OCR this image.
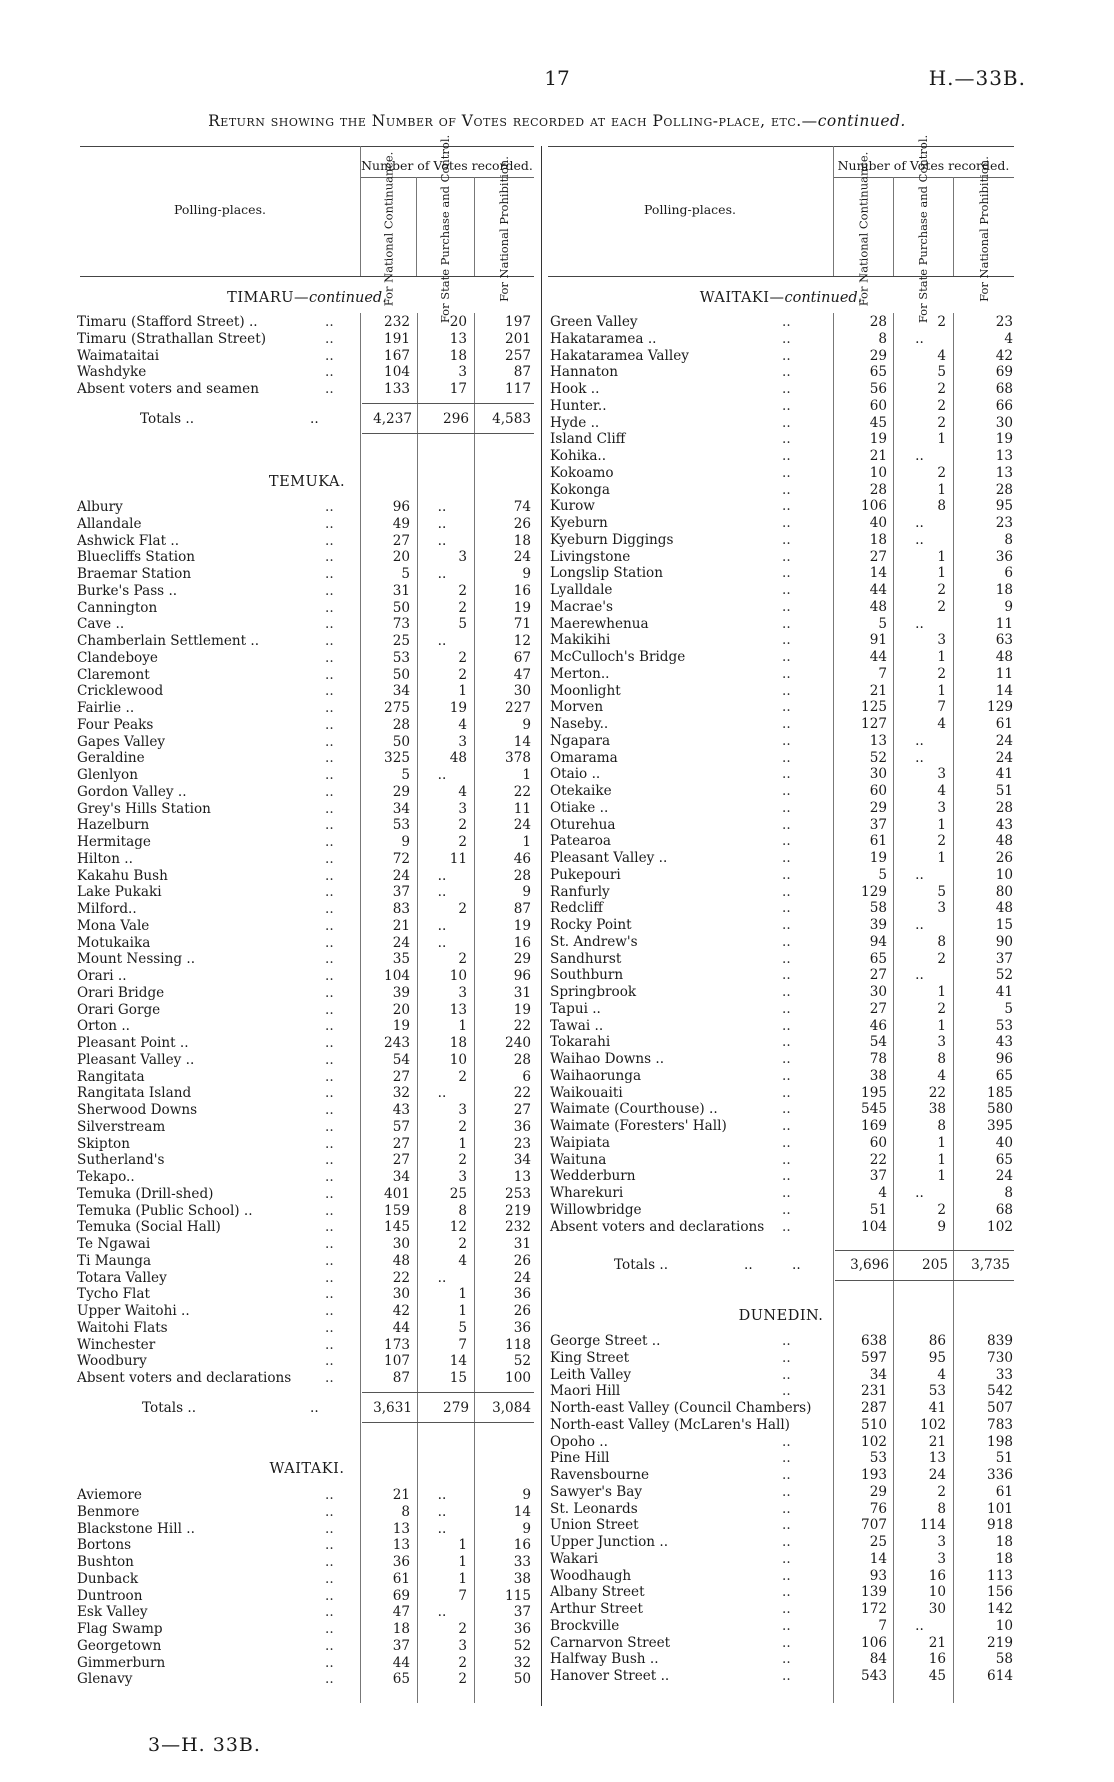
17	H.—33B.
Return showing the Number of Votes recorded at each Polling-place, etc.—continued.
Polling-places.
Number of Votes recorded.
For National Continuance.	For State Purchase and Control.	For National Prohibition.	Polling-places.
Number of Votes recorded.
For National Continuance.	For State Purchase and Control.	For National Prohibition.
TIMARU—continued.
Timaru (Stafford Street) ..	..	232	20	197
Timaru (Strathallan Street)	..	191	13	201
Waimataitai	..	167	18	257
Washdyke	..	104	3	87
Absent voters and seamen	..	133	17	117
Totals ..	..	4,237	296	4,583
TEMUKA.
Albury	..	96	..	74
Allandale	..	49	..	26
Ashwick Flat ..	..	27	..	18
Bluecliffs Station	..	20	3	24
Braemar Station	..	5	..	9
Burke's Pass ..	..	31	2	16
Cannington	..	50	2	19
Cave ..	..	73	5	71
Chamberlain Settlement ..	..	25	..	12
Clandeboye	..	53	2	67
Claremont	..	50	2	47
Cricklewood	..	34	1	30
Fairlie ..	..	275	19	227
Four Peaks	..	28	4	9
Gapes Valley	..	50	3	14
Geraldine	..	325	48	378
Glenlyon	..	5	..	1
Gordon Valley ..	..	29	4	22
Grey's Hills Station	..	34	3	11
Hazelburn	..	53	2	24
Hermitage	..	9	2	1
Hilton ..	..	72	11	46
Kakahu Bush	..	24	..	28
Lake Pukaki	..	37	..	9
Milford..	..	83	2	87
Mona Vale	..	21	..	19
Motukaika	..	24	..	16
Mount Nessing ..	..	35	2	29
Orari ..	..	104	10	96
Orari Bridge	..	39	3	31
Orari Gorge	..	20	13	19
Orton ..	..	19	1	22
Pleasant Point ..	..	243	18	240
Pleasant Valley ..	..	54	10	28
Rangitata	..	27	2	6
Rangitata Island	..	32	..	22
Sherwood Downs	..	43	3	27
Silverstream	..	57	2	36
Skipton	..	27	1	23
Sutherland's	..	27	2	34
Tekapo..	..	34	3	13
Temuka (Drill-shed)	..	401	25	253
Temuka (Public School) ..	..	159	8	219
Temuka (Social Hall)	..	145	12	232
Te Ngawai	..	30	2	31
Ti Maunga	..	48	4	26
Totara Valley	..	22	..	24
Tycho Flat	..	30	1	36
Upper Waitohi ..	..	42	1	26
Waitohi Flats	..	44	5	36
Winchester	..	173	7	118
Woodbury	..	107	14	52
Absent voters and declarations ..	87	15	100
Totals ..	..	3,631	279	3,084
WAITAKI.
Aviemore	..	21	..	9
Benmore	..	8	..	14
Blackstone Hill ..	..	13	..	9
Bortons	..	13	1	16
Bushton	..	36	1	33
Dunback	..	61	1	38
Duntroon	..	69	7	115
Esk Valley	..	47	..	37
Flag Swamp	..	18	2	36
Georgetown	..	37	3	52
Gimmerburn	..	44	2	32
Glenavy	..	65	2	50
WAITAKI—continued.
Green Valley	..	28	2	23
Hakataramea ..	..	8	..	4
Hakataramea Valley	..	29	4	42
Hannaton	..	65	5	69
Hook ..	..	56	2	68
Hunter..	..	60	2	66
Hyde ..	..	45	2	30
Island Cliff	..	19	1	19
Kohika..	..	21	..	13
Kokoamo	..	10	2	13
Kokonga	..	28	1	28
Kurow	..	106	8	95
Kyeburn	..	40	..	23
Kyeburn Diggings	..	18	..	8
Livingstone	..	27	1	36
Longslip Station	..	14	1	6
Lyalldale	..	44	2	18
Macrae's	..	48	2	9
Maerewhenua	..	5	..	11
Makikihi	..	91	3	63
McCulloch's Bridge	..	44	1	48
Merton..	..	7	2	11
Moonlight	..	21	1	14
Morven	..	125	7	129
Naseby..	..	127	4	61
Ngapara	..	13	..	24
Omarama	..	52	..	24
Otaio ..	..	30	3	41
Otekaike	..	60	4	51
Otiake ..	..	29	3	28
Oturehua	..	37	1	43
Patearoa	..	61	2	48
Pleasant Valley ..	..	19	1	26
Pukepouri	..	5	..	10
Ranfurly	..	129	5	80
Redcliff	..	58	3	48
Rocky Point	..	39	..	15
St. Andrew's	..	94	8	90
Sandhurst	..	65	2	37
Southburn	..	27	..	52
Springbrook	..	30	1	41
Tapui ..	..	27	2	5
Tawai ..	..	46	1	53
Tokarahi	..	54	3	43
Waihao Downs ..	..	78	8	96
Waihaorunga	..	38	4	65
Waikouaiti	..	195	22	185
Waimate (Courthouse) ..	..	545	38	580
Waimate (Foresters' Hall)	..	169	8	395
Waipiata	..	60	1	40
Waituna	..	22	1	65
Wedderburn	..	37	1	24
Wharekuri	..	4	..	8
Willowbridge	..	51	2	68
Absent voters and declarations ..	104	9	102
Totals ..	..	..	3,696	205	3,735
DUNEDIN.
George Street ..	..	638	86	839
King Street	..	597	95	730
Leith Valley	..	34	4	33
Maori Hill	..	231	53	542
North-east Valley (Council Chambers)	287	41	507
North-east Valley (McLaren's Hall)	510	102	783
Opoho ..	..	102	21	198
Pine Hill	..	53	13	51
Ravensbourne	..	193	24	336
Sawyer's Bay	..	29	2	61
St. Leonards	..	76	8	101
Union Street	..	707	114	918
Upper Junction ..	..	25	3	18
Wakari	..	14	3	18
Woodhaugh	..	93	16	113
Albany Street	..	139	10	156
Arthur Street	..	172	30	142
Brockville	..	7	..	10
Carnarvon Street	..	106	21	219
Halfway Bush ..	..	84	16	58
Hanover Street ..	..	543	45	614
3—H. 33B.
